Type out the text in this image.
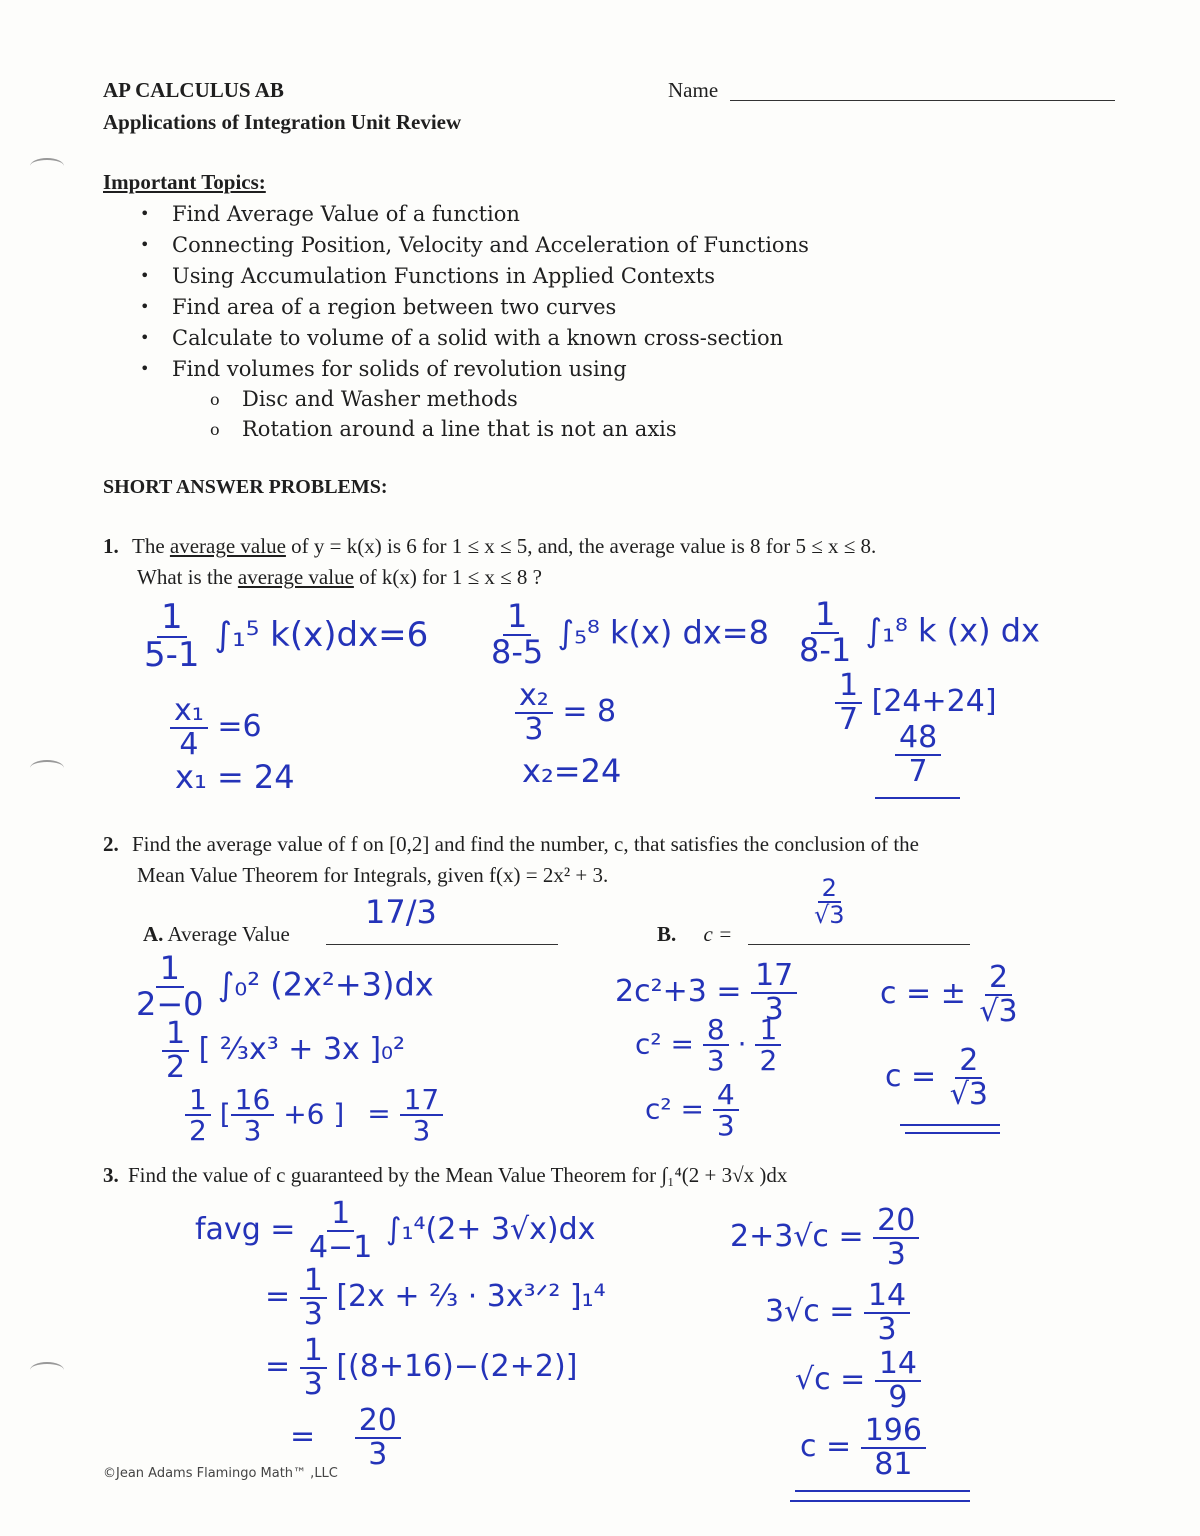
AP CALCULUS AB
Applications of Integration Unit Review
Name
Important Topics:
•	Find Average Value of a function
•	Connecting Position, Velocity and Acceleration of Functions
•	Using Accumulation Functions in Applied Contexts
•	Find area of a region between two curves
•	Calculate to volume of a solid with a known cross-section
•	Find volumes for solids of revolution using
o	Disc and Washer methods
o	Rotation around a line that is not an axis
SHORT ANSWER PROBLEMS:
1. The average value of y = k(x) is 6 for 1 ≤ x ≤ 5, and, the average value is 8 for 5 ≤ x ≤ 8.
What is the average value of k(x) for 1 ≤ x ≤ 8 ?
$\frac{1}{5-1} \int_1^5$ k(x)dx=6
$\frac{\text{x₁}}{4} =6$
x₁ = 24
$\frac{1}{8-5} \int_5^8$ k(x) dx=8
$\frac{\text{x₂}}{3} = 8$
x₂=24
$\frac{1}{8-1} \int_1^8$ k (x) dx
$\frac{1}{7} [24+24]$
$\frac{48}{7}$
2. Find the average value of f on [0,2] and find the number, c, that satisfies the conclusion of the
Mean Value Theorem for Integrals, given f(x) = 2x² + 3.
A. Average Value
17/3
B. c =
$\frac{2}{√3}$
$\frac{1}{2-0} \int_0^2$ (2x²+3)dx
$\frac{1}{2}$ [ ⅔x³ + 3x ]₀²
$\frac{1}{2}$ [ $\frac{16}{3} +6$ ] = $\frac{17}{3}$
$2c^2+3 = \frac{17}{3}$
$c^2 = \frac{8}{3} \cdot \frac{1}{2}$
$c^2 = \frac{4}{3}$
c = ± $\frac{2}{√3}$
$c = \frac{2}{√3}$
3. Find the value of c guaranteed by the Mean Value Theorem for ∫₁⁴(2 + 3√x )dx
favg = $\frac{1}{4-1} \int_1^4(2+ 3√x)dx$
= $\frac{1}{3} [2x$ + ⅔ · 3x³ᐟ² ]₁⁴
= $\frac{1}{3} [(8+16)-(2+2)]$
= $\frac{20}{3}$
$2+3√c = \frac{20}{3}$
$3√c = \frac{14}{3}$
$√c = \frac{14}{9}$
$c = \frac{196}{81}$
©Jean Adams Flamingo Math™ ,LLC
